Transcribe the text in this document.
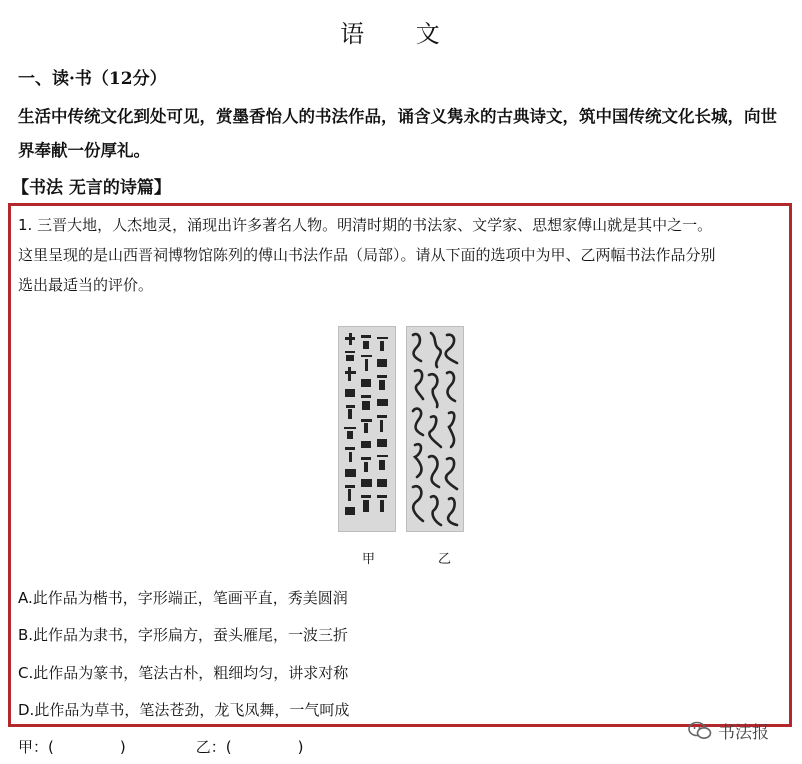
语 文
一、读·书（12分）
生活中传统文化到处可见，赏墨香怡人的书法作品，诵含义隽永的古典诗文，筑中国传统文化长城，向世界奉献一份厚礼。
【书法 无言的诗篇】
1. 三晋大地，人杰地灵，涌现出许多著名人物。明清时期的书法家、文学家、思想家傅山就是其中之一。
这里呈现的是山西晋祠博物馆陈列的傅山书法作品（局部）。请从下面的选项中为甲、乙两幅书法作品分别
选出最适当的评价。
甲	乙
A.此作品为楷书，字形端正，笔画平直，秀美圆润
B.此作品为隶书，字形扁方，蚕头雁尾，一波三折
C.此作品为篆书，笔法古朴，粗细均匀，讲求对称
D.此作品为草书，笔法苍劲，龙飞凤舞，一气呵成
甲：(	)	乙：(	)
书法报
